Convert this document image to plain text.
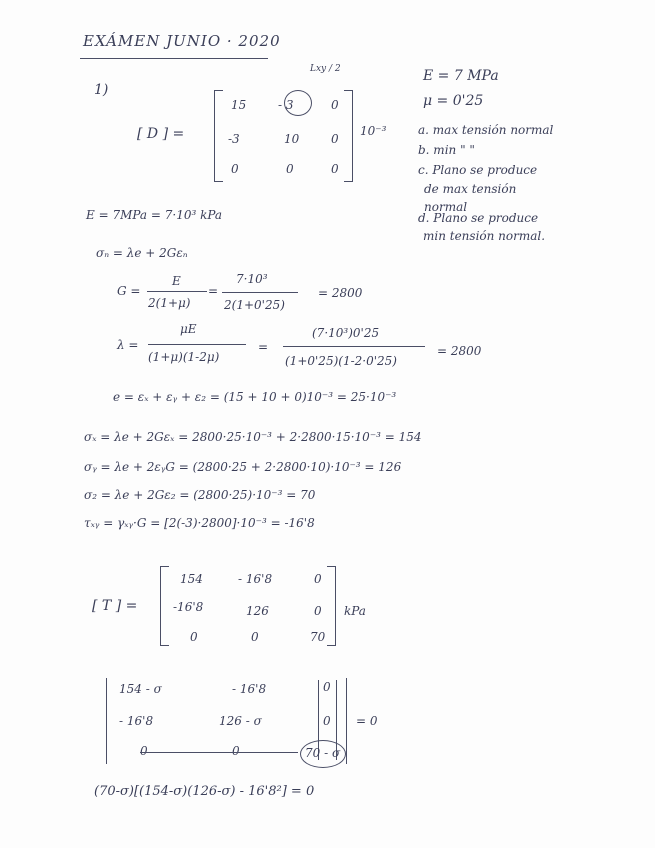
EXÁMEN JUNIO · 2020
Lxy / 2
1)
[ D ] =
15	- 3	0
-3	10	0
0	0	0
10⁻³
E = 7 MPa
μ = 0'25
a. max tensión normal
b. min " "
c. Plano se produce
de max tensión
normal
d. Plano se produce
min tensión normal.
E = 7MPa = 7·10³ kPa
σₙ = λe + 2Gεₙ
G =
E
2(1+μ)
=
7·10³
2(1+0'25)
= 2800
λ =
μE
(1+μ)(1-2μ)
=
(7·10³)0'25
(1+0'25)(1-2·0'25)
= 2800
e = εₓ + εᵧ + ε₂ = (15 + 10 + 0)10⁻³ = 25·10⁻³
σₓ = λe + 2Gεₓ = 2800·25·10⁻³ + 2·2800·15·10⁻³ = 154
σᵧ = λe + 2εᵧG = (2800·25 + 2·2800·10)·10⁻³ = 126
σ₂ = λe + 2Gε₂ = (2800·25)·10⁻³ = 70
τₓᵧ = γₓᵧ·G = [2(-3)·2800]·10⁻³ = -16'8
[ T ] =
154	- 16'8	0
-16'8	126	0
0	0	70
kPa
154 - σ	- 16'8	0
- 16'8	126 - σ	0
0	0	70 - σ
= 0
(70-σ)[(154-σ)(126-σ) - 16'8²] = 0
